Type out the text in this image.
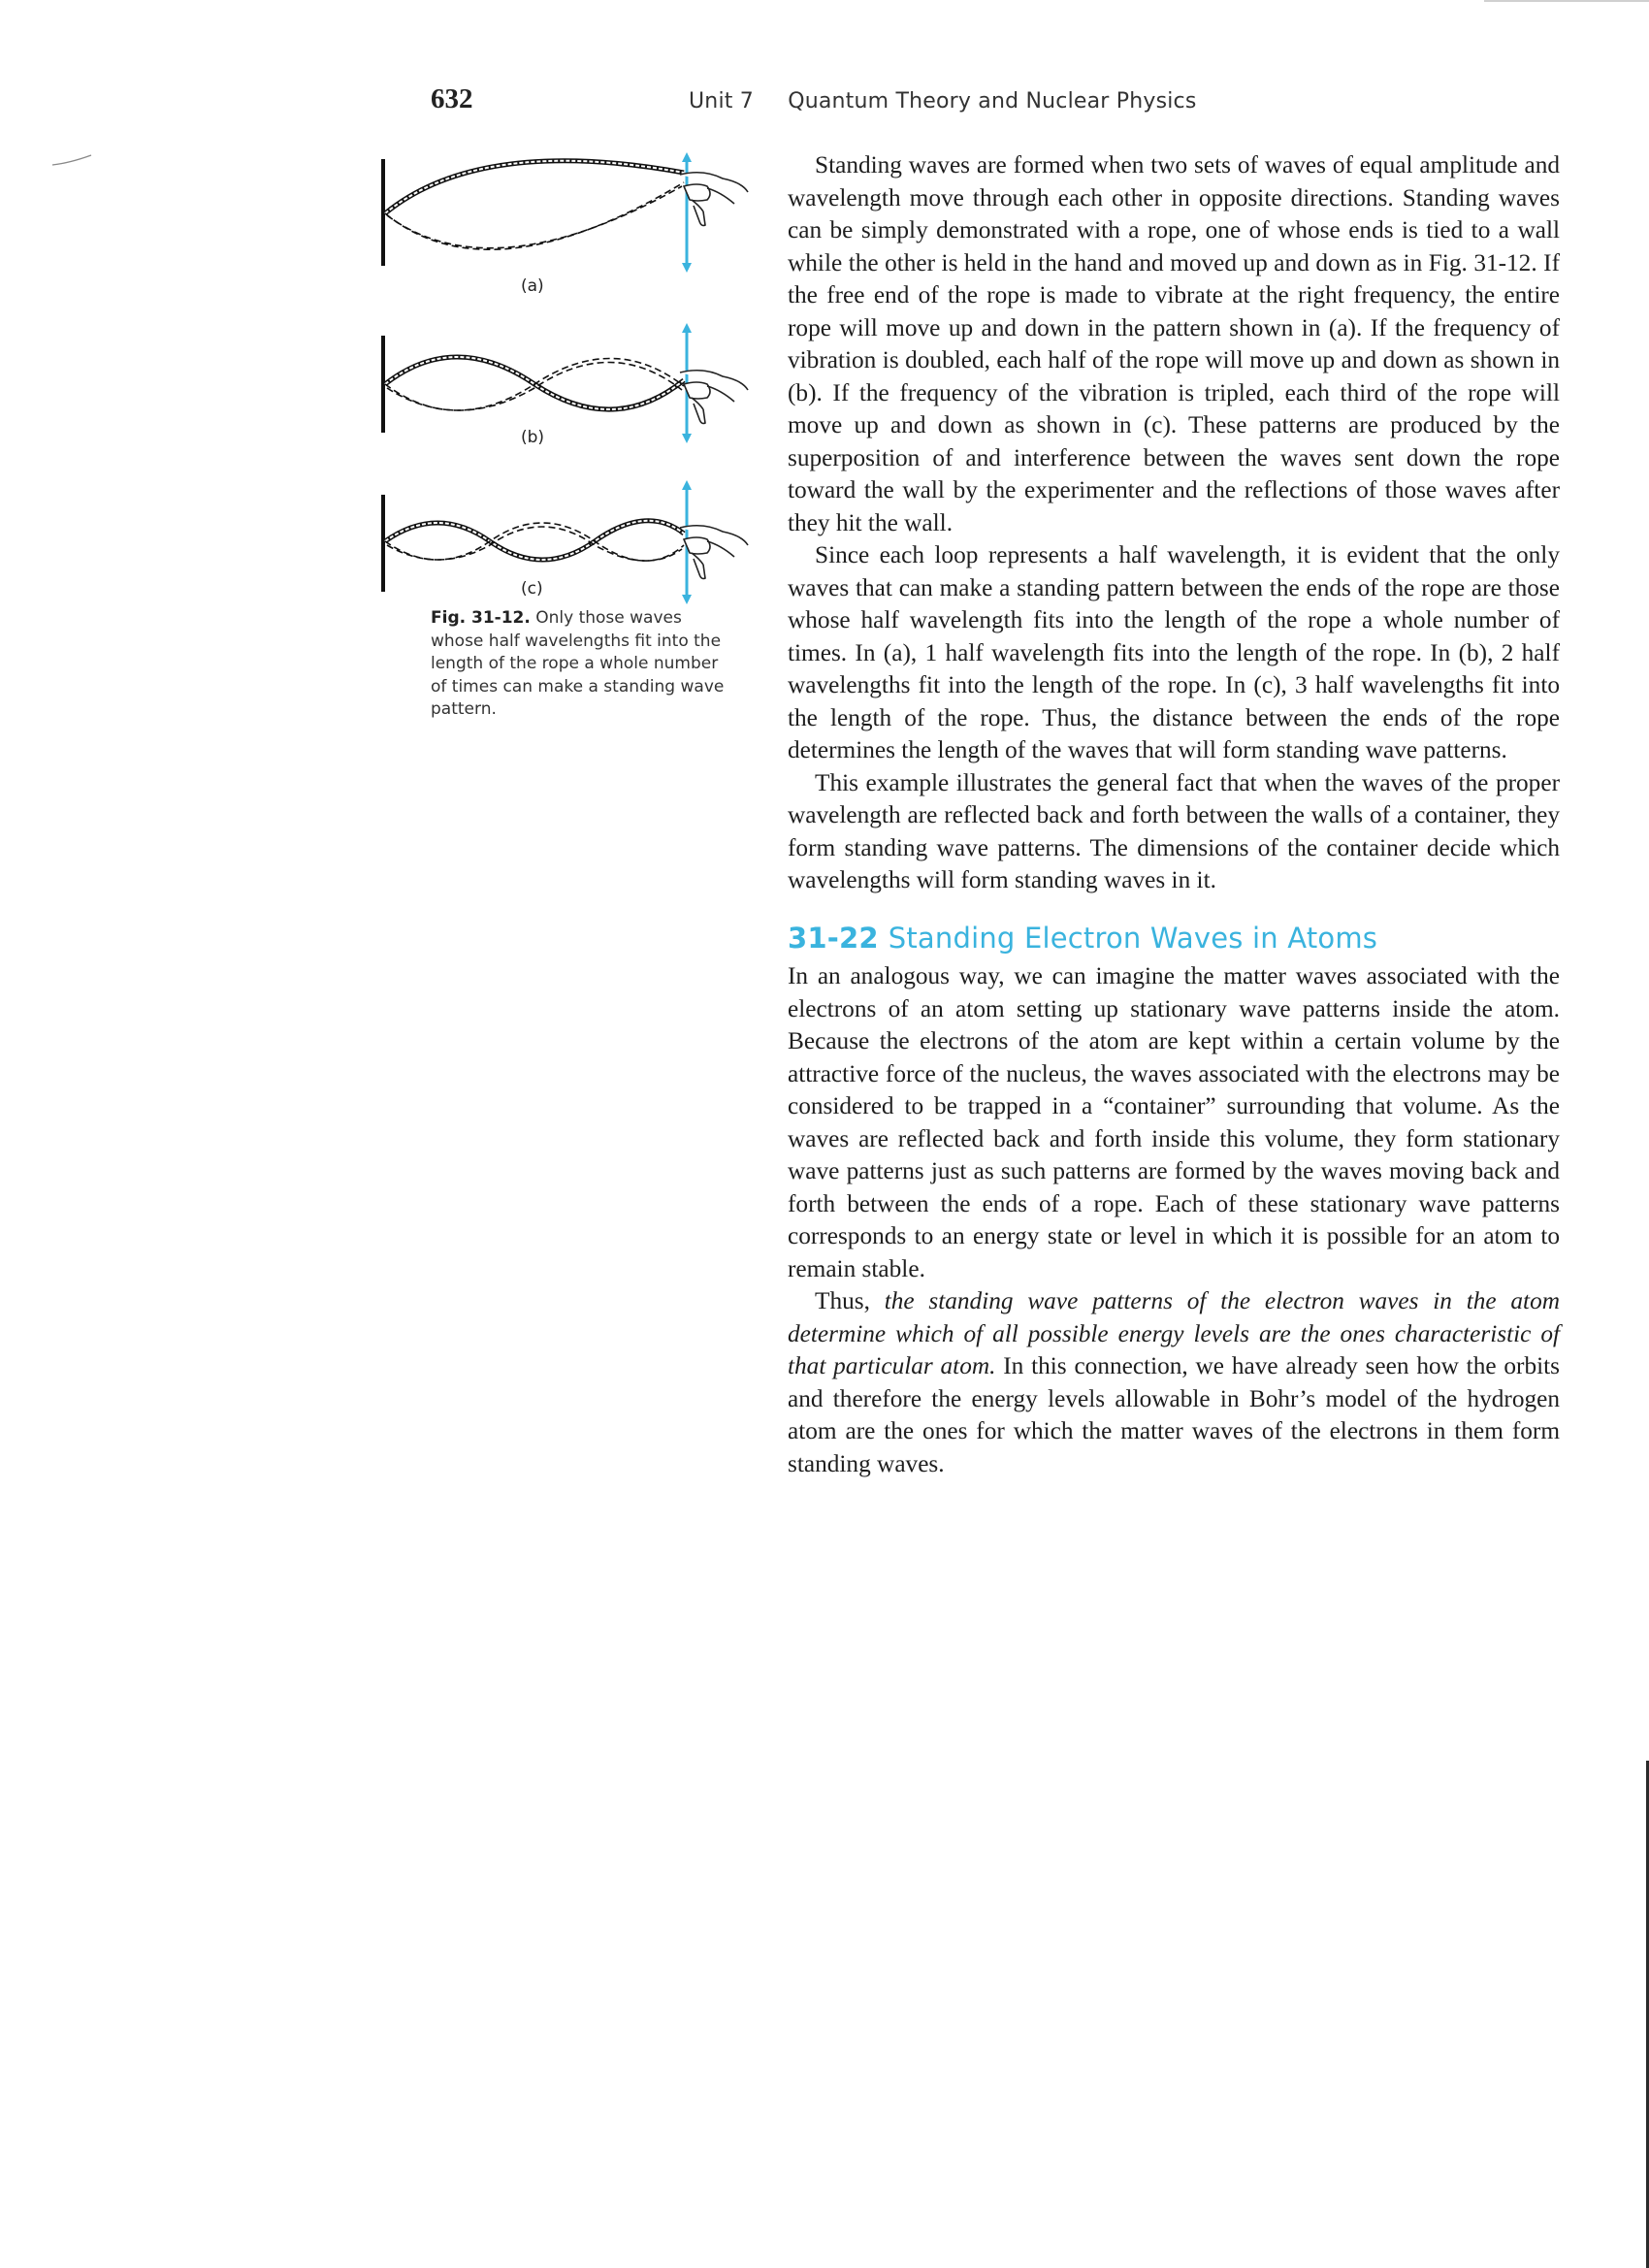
632	Unit 7 Quantum Theory and Nuclear Physics
(a)
(b)
(c)
Fig. 31-12. Only those waves whose half wavelengths fit into the length of the rope a whole number of times can make a standing wave pattern.

Standing waves are formed when two sets of waves of equal amplitude and wavelength move through each other in opposite directions. Standing waves can be simply demonstrated with a rope, one of whose ends is tied to a wall while the other is held in the hand and moved up and down as in Fig. 31-12. If the free end of the rope is made to vibrate at the right frequency, the entire rope will move up and down in the pattern shown in (a). If the frequency of vibration is doubled, each half of the rope will move up and down as shown in (b). If the frequency of the vibration is tripled, each third of the rope will move up and down as shown in (c). These patterns are produced by the superposition of and interference between the waves sent down the rope toward the wall by the experimenter and the reflections of those waves after they hit the wall.

Since each loop represents a half wavelength, it is evident that the only waves that can make a standing pattern between the ends of the rope are those whose half wavelength fits into the length of the rope a whole number of times. In (a), 1 half wavelength fits into the length of the rope. In (b), 2 half wavelengths fit into the length of the rope. In (c), 3 half wavelengths fit into the length of the rope. Thus, the distance between the ends of the rope determines the length of the waves that will form standing wave patterns.

This example illustrates the general fact that when the waves of the proper wavelength are reflected back and forth between the walls of a container, they form standing wave patterns. The dimensions of the container decide which wavelengths will form standing waves in it.

31-22 Standing Electron Waves in Atoms

In an analogous way, we can imagine the matter waves associated with the electrons of an atom setting up stationary wave patterns inside the atom. Because the electrons of the atom are kept within a certain volume by the attractive force of the nucleus, the waves associated with the electrons may be considered to be trapped in a “container” surrounding that volume. As the waves are reflected back and forth inside this volume, they form stationary wave patterns just as such patterns are formed by the waves moving back and forth between the ends of a rope. Each of these stationary wave patterns corresponds to an energy state or level in which it is possible for an atom to remain stable.

Thus, the standing wave patterns of the electron waves in the atom determine which of all possible energy levels are the ones characteristic of that particular atom. In this connection, we have already seen how the orbits and therefore the energy levels allowable in Bohr’s model of the hydrogen atom are the ones for which the matter waves of the electrons in them form standing waves.
